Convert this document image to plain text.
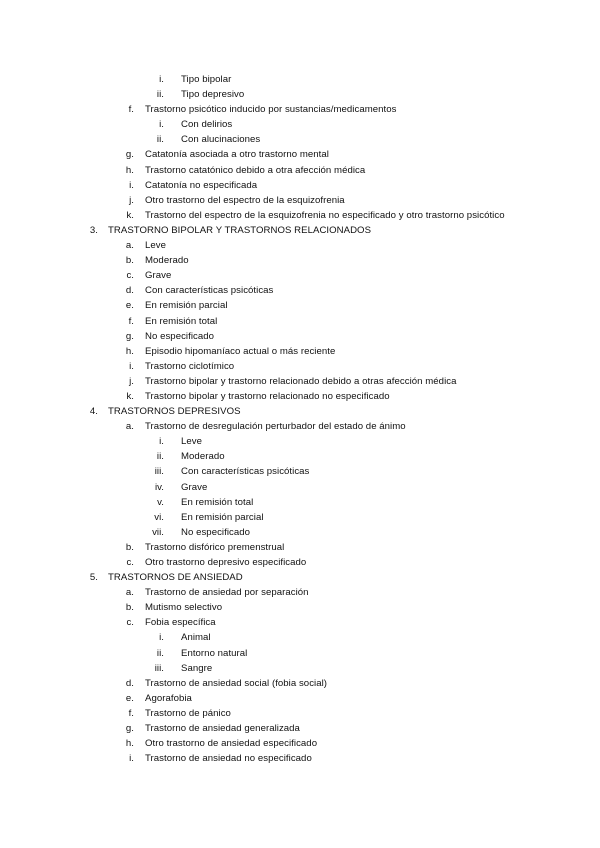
i. Tipo bipolar
ii. Tipo depresivo
f. Trastorno psicótico inducido por sustancias/medicamentos
i. Con delirios
ii. Con alucinaciones
g. Catatonía asociada a otro trastorno mental
h. Trastorno catatónico debido a otra afección médica
i. Catatonía no especificada
j. Otro trastorno del espectro de la esquizofrenia
k. Trastorno del espectro de la esquizofrenia no especificado y otro trastorno psicótico
3. TRASTORNO BIPOLAR Y TRASTORNOS RELACIONADOS
a. Leve
b. Moderado
c. Grave
d. Con características psicóticas
e. En remisión parcial
f. En remisión total
g. No especificado
h. Episodio hipomaníaco actual o más reciente
i. Trastorno ciclotímico
j. Trastorno bipolar y trastorno relacionado debido a otras afección médica
k. Trastorno bipolar y trastorno relacionado no especificado
4. TRASTORNOS DEPRESIVOS
a. Trastorno de desregulación perturbador del estado de ánimo
i. Leve
ii. Moderado
iii. Con características psicóticas
iv. Grave
v. En remisión total
vi. En remisión parcial
vii. No especificado
b. Trastorno disfórico premenstrual
c. Otro trastorno depresivo especificado
5. TRASTORNOS DE ANSIEDAD
a. Trastorno de ansiedad por separación
b. Mutismo selectivo
c. Fobia específica
i. Animal
ii. Entorno natural
iii. Sangre
d. Trastorno de ansiedad social (fobia social)
e. Agorafobia
f. Trastorno de pánico
g. Trastorno de ansiedad generalizada
h. Otro trastorno de ansiedad especificado
i. Trastorno de ansiedad no especificado
